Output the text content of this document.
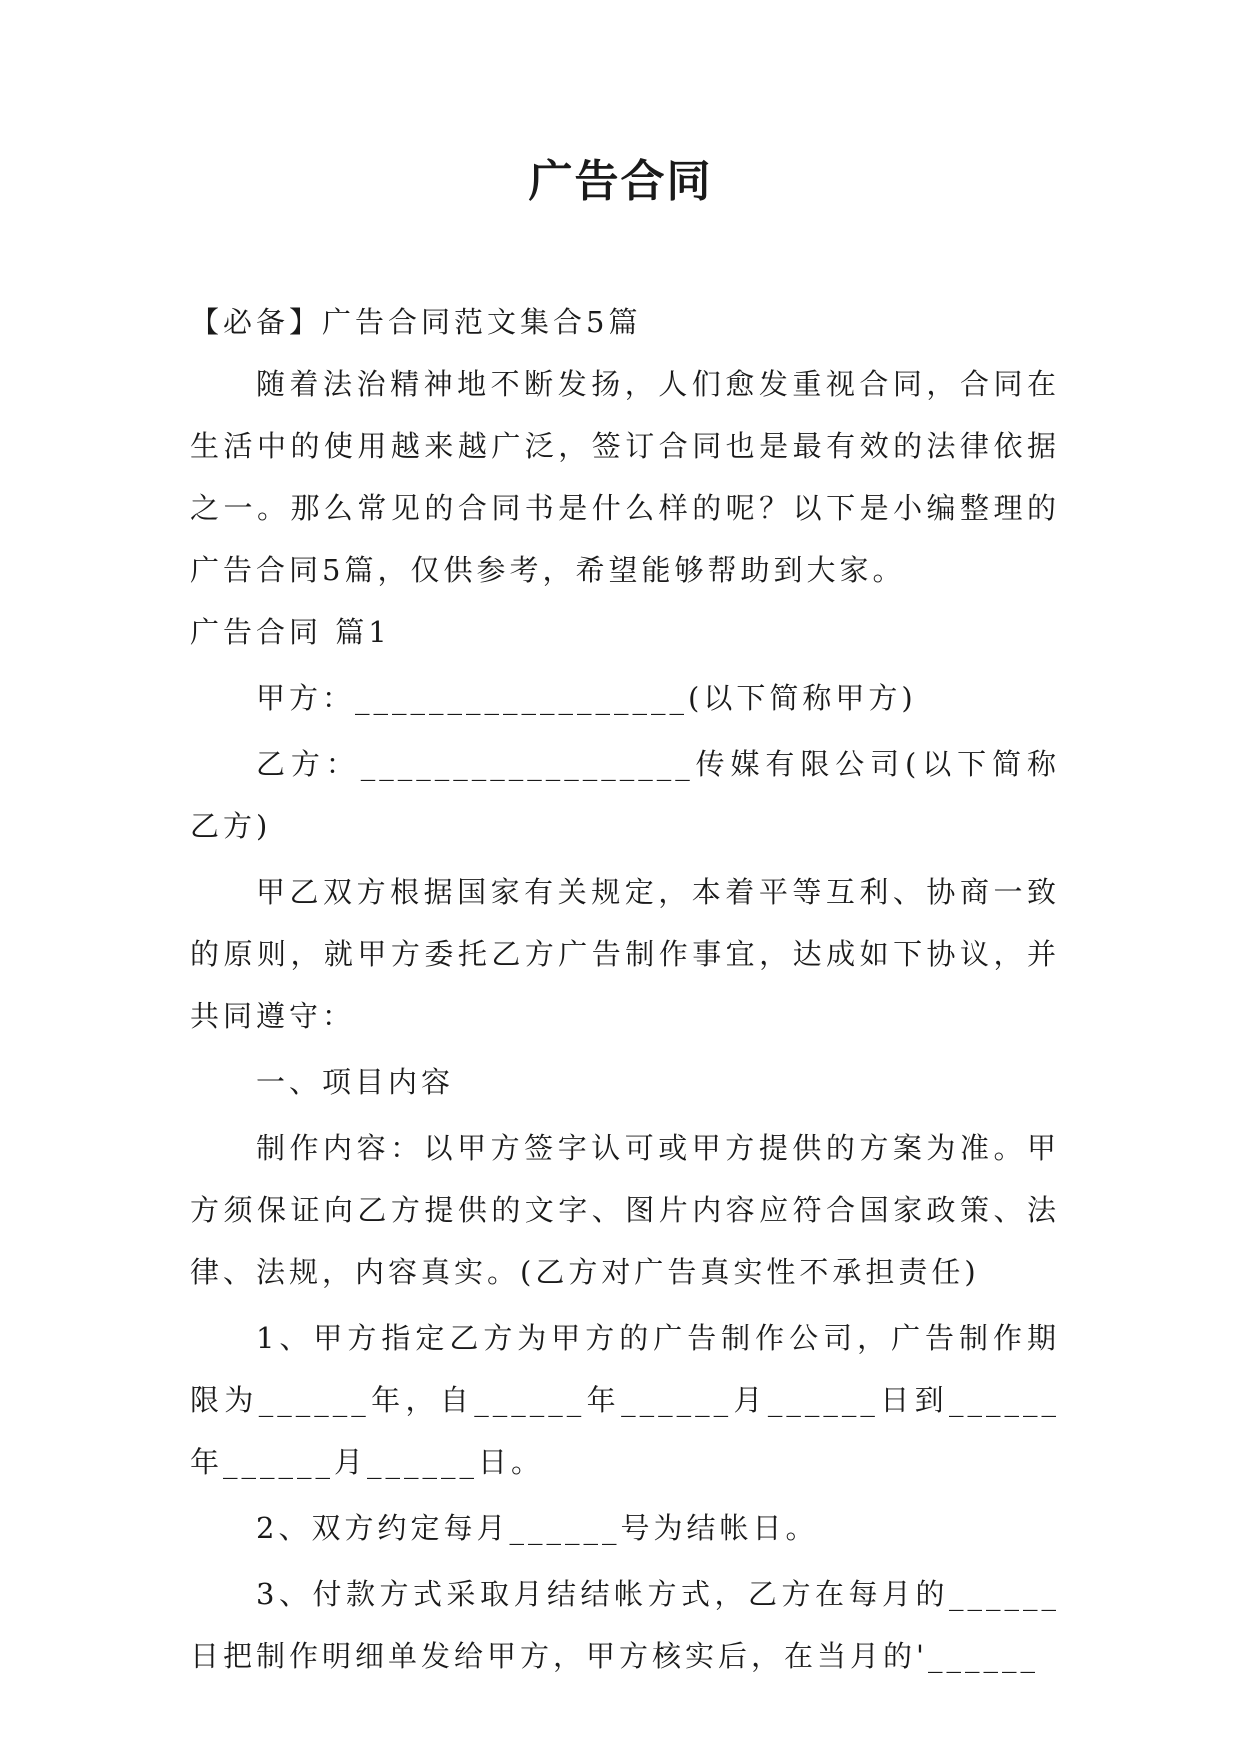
广告合同

【必备】广告合同范文集合5篇

随着法治精神地不断发扬，人们愈发重视合同，合同在生活中的使用越来越广泛，签订合同也是最有效的法律依据之一。那么常见的合同书是什么样的呢？以下是小编整理的广告合同5篇，仅供参考，希望能够帮助到大家。

广告合同 篇1

甲方：__________________(以下简称甲方)

乙方：__________________传媒有限公司(以下简称乙方)

甲乙双方根据国家有关规定，本着平等互利、协商一致的原则，就甲方委托乙方广告制作事宜，达成如下协议，并共同遵守：

一、项目内容

制作内容：以甲方签字认可或甲方提供的方案为准。甲方须保证向乙方提供的文字、图片内容应符合国家政策、法律、法规，内容真实。(乙方对广告真实性不承担责任)

1、甲方指定乙方为甲方的广告制作公司，广告制作期限为______年，自______年______月______日到______年______月______日。

2、双方约定每月______号为结帐日。

3、付款方式采取月结结帐方式，乙方在每月的______日把制作明细单发给甲方，甲方核实后，在当月的'______
